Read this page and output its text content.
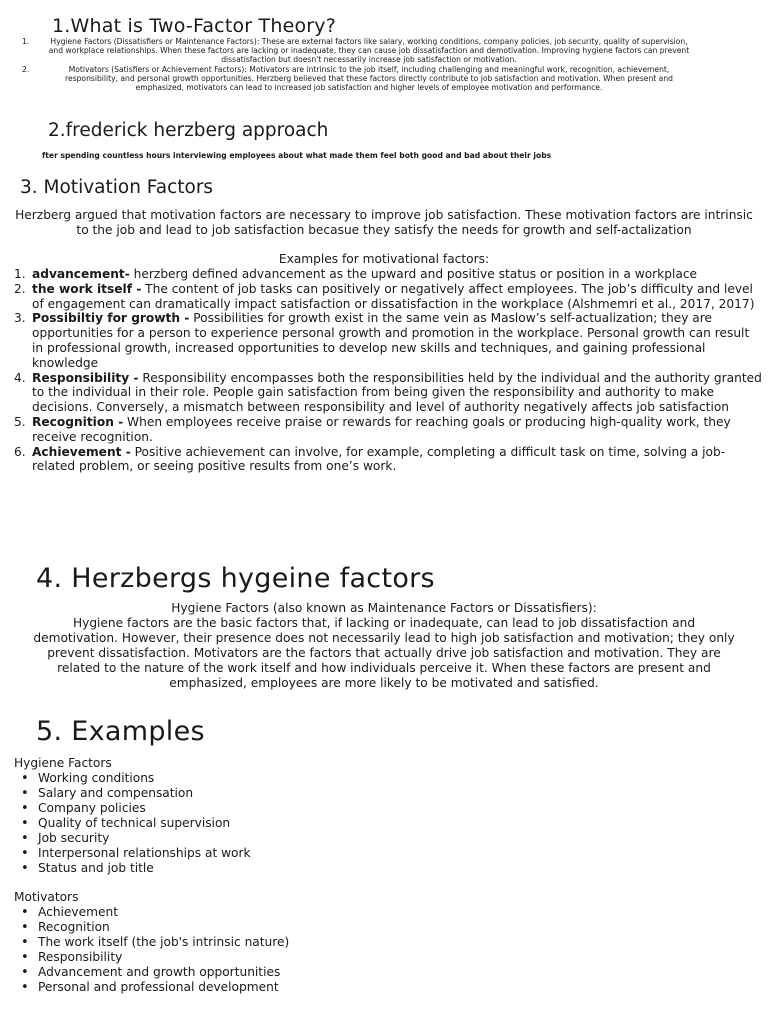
1.What is Two-Factor Theory?
1.	Hygiene Factors (Dissatisfiers or Maintenance Factors): These are external factors like salary, working conditions, company policies, job security, quality of supervision, and workplace relationships. When these factors are lacking or inadequate, they can cause job dissatisfaction and demotivation. Improving hygiene factors can prevent dissatisfaction but doesn't necessarily increase job satisfaction or motivation.
2.	Motivators (Satisfiers or Achievement Factors): Motivators are intrinsic to the job itself, including challenging and meaningful work, recognition, achievement, responsibility, and personal growth opportunities. Herzberg believed that these factors directly contribute to job satisfaction and motivation. When present and emphasized, motivators can lead to increased job satisfaction and higher levels of employee motivation and performance.
2.frederick herzberg approach

fter spending countless hours interviewing employees about what made them feel both good and bad about their jobs

3. Motivation Factors

Herzberg argued that motivation factors are necessary to improve job satisfaction. These motivation factors are intrinsic to the job and lead to job satisfaction becasue they satisfy the needs for growth and self-actalization

Examples for motivational factors:

1. advancement- herzberg defined advancement as the upward and positive status or position in a workplace
2. the work itself - The content of job tasks can positively or negatively affect employees. The job’s difficulty and level of engagement can dramatically impact satisfaction or dissatisfaction in the workplace (Alshmemri et al., 2017, 2017)
3. Possibiltiy for growth - Possibilities for growth exist in the same vein as Maslow’s self-actualization; they are opportunities for a person to experience personal growth and promotion in the workplace. Personal growth can result in professional growth, increased opportunities to develop new skills and techniques, and gaining professional knowledge
4. Responsibility - Responsibility encompasses both the responsibilities held by the individual and the authority granted to the individual in their role. People gain satisfaction from being given the responsibility and authority to make decisions. Conversely, a mismatch between responsibility and level of authority negatively affects job satisfaction
5. Recognition - When employees receive praise or rewards for reaching goals or producing high-quality work, they receive recognition.
6. Achievement - Positive achievement can involve, for example, completing a difficult task on time, solving a job-related problem, or seeing positive results from one’s work.
4. Herzbergs hygeine factors

Hygiene Factors (also known as Maintenance Factors or Dissatisfiers):

Hygiene factors are the basic factors that, if lacking or inadequate, can lead to job dissatisfaction and demotivation. However, their presence does not necessarily lead to high job satisfaction and motivation; they only prevent dissatisfaction. Motivators are the factors that actually drive job satisfaction and motivation. They are related to the nature of the work itself and how individuals perceive it. When these factors are present and emphasized, employees are more likely to be motivated and satisfied.

5. Examples
Hygiene Factors
• Working conditions
• Salary and compensation
• Company policies
• Quality of technical supervision
• Job security
• Interpersonal relationships at work
• Status and job title
Motivators
• Achievement
• Recognition
• The work itself (the job's intrinsic nature)
• Responsibility
• Advancement and growth opportunities
• Personal and professional development
